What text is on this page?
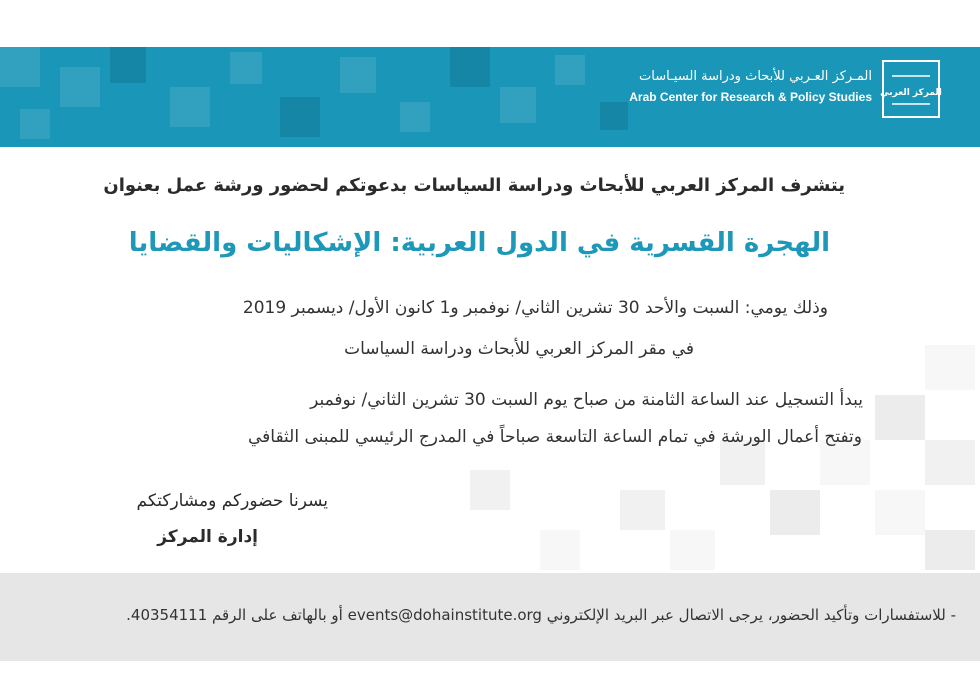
المركز العربي
المـركز العـربي للأبحاث ودراسة السيـاسات
Arab Center for Research & Policy Studies
يتشرف المركز العربي للأبحاث ودراسة السياسات بدعوتكم لحضور ورشة عمل بعنوان
الهجرة القسرية في الدول العربية: الإشكاليات والقضايا
وذلك يومي: السبت والأحد 30 تشرين الثاني/ نوفمبر و1 كانون الأول/ ديسمبر 2019
في مقر المركز العربي للأبحاث ودراسة السياسات
يبدأ التسجيل عند الساعة الثامنة من صباح يوم السبت 30 تشرين الثاني/ نوفمبر
وتفتح أعمال الورشة في تمام الساعة التاسعة صباحاً في المدرج الرئيسي للمبنى الثقافي
يسرنا حضوركم ومشاركتكم
إدارة المركز
- للاستفسارات وتأكيد الحضور، يرجى الاتصال عبر البريد الإلكتروني events@dohainstitute.org أو بالهاتف على الرقم 40354111.
